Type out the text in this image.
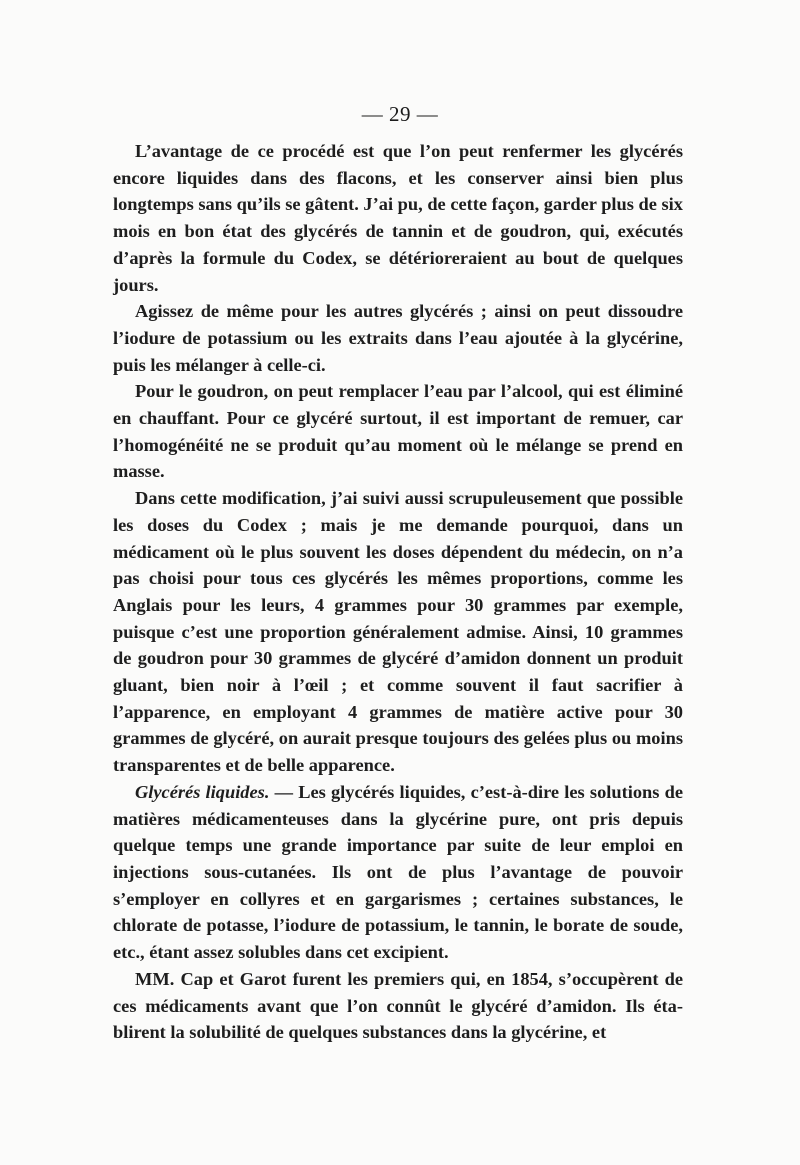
— 29 —

L’avantage de ce procédé est que l’on peut renfermer les glycérés encore liquides dans des flacons, et les conserver ainsi bien plus longtemps sans qu’ils se gâtent. J’ai pu, de cette façon, garder plus de six mois en bon état des glycérés de tannin et de goudron, qui, exécutés d’après la formule du Codex, se détérioreraient au bout de quelques jours.

Agissez de même pour les autres glycérés ; ainsi on peut dissoudre l’iodure de potassium ou les extraits dans l’eau ajoutée à la glycérine, puis les mélanger à celle-ci.

Pour le goudron, on peut remplacer l’eau par l’alcool, qui est éliminé en chauffant. Pour ce glycéré surtout, il est important de remuer, car l’homogénéité ne se produit qu’au moment où le mélange se prend en masse.

Dans cette modification, j’ai suivi aussi scrupuleusement que possible les doses du Codex ; mais je me demande pourquoi, dans un médicament où le plus souvent les doses dépendent du médecin, on n’a pas choisi pour tous ces glycérés les mêmes proportions, comme les Anglais pour les leurs, 4 grammes pour 30 grammes par exemple, puisque c’est une proportion généralement admise. Ainsi, 10 grammes de goudron pour 30 grammes de glycéré d’amidon donnent un produit gluant, bien noir à l’œil ; et comme souvent il faut sacrifier à l’apparence, en employant 4 grammes de matière active pour 30 grammes de glycéré, on aurait presque toujours des gelées plus ou moins transparentes et de belle apparence.

Glycérés liquides. — Les glycérés liquides, c’est-à-dire les solutions de matières médicamenteuses dans la glycérine pure, ont pris depuis quelque temps une grande importance par suite de leur emploi en injections sous-cutanées. Ils ont de plus l’avantage de pouvoir s’employer en collyres et en gargarismes ; certaines substances, le chlorate de potasse, l’iodure de potassium, le tannin, le borate de soude, etc., étant assez solubles dans cet excipient.

MM. Cap et Garot furent les premiers qui, en 1854, s’occupèrent de ces médicaments avant que l’on connût le glycéré d’amidon. Ils établirent la solubilité de quelques substances dans la glycérine, et
